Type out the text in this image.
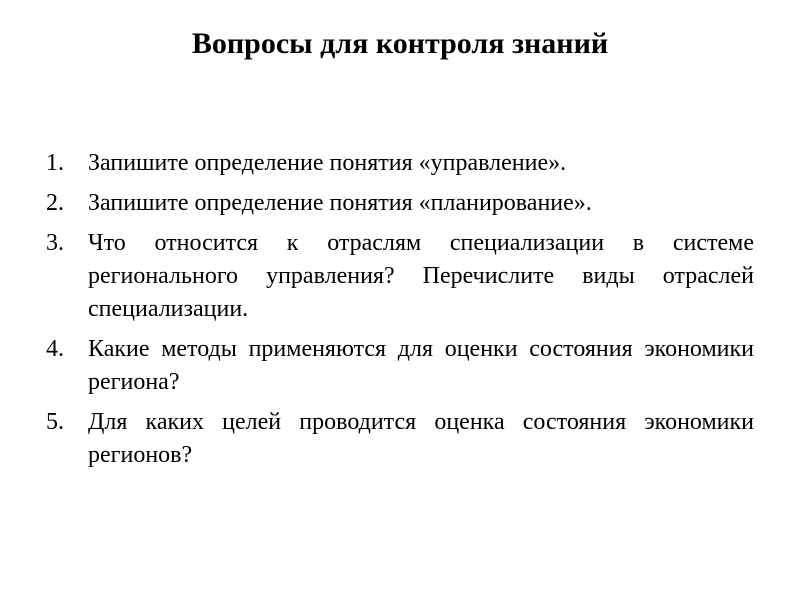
Вопросы для контроля знаний
1.	Запишите определение понятия «управление».
2.	Запишите определение понятия «планирование».
3.	Что относится к отраслям специализации в системе регионального управления? Перечислите виды отраслей специализации.
4.	Какие методы применяются для оценки состояния экономики региона?
5.	Для каких целей проводится оценка состояния экономики регионов?
